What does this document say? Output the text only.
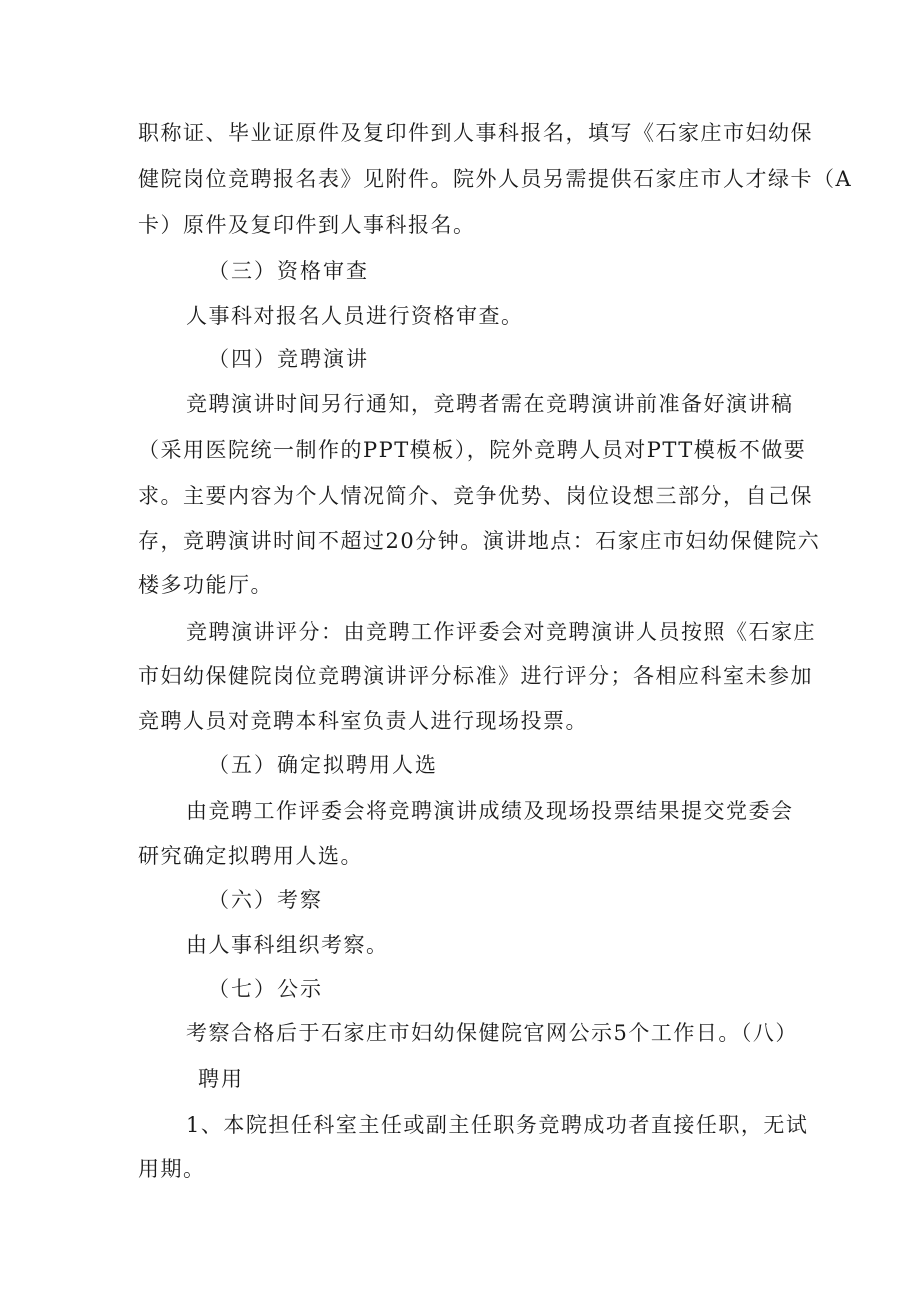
职称证、毕业证原件及复印件到人事科报名，填写《石家庄市妇幼保

健院岗位竞聘报名表》见附件。院外人员另需提供石家庄市人才绿卡（A

卡）原件及复印件到人事科报名。

（三）资格审查

人事科对报名人员进行资格审查。

（四）竞聘演讲

竞聘演讲时间另行通知，竞聘者需在竞聘演讲前准备好演讲稿

（采用医院统一制作的PPT模板），院外竞聘人员对PTT模板不做要

求。主要内容为个人情况简介、竞争优势、岗位设想三部分，自己保

存，竞聘演讲时间不超过20分钟。演讲地点：石家庄市妇幼保健院六

楼多功能厅。

竞聘演讲评分：由竞聘工作评委会对竞聘演讲人员按照《石家庄

市妇幼保健院岗位竞聘演讲评分标准》进行评分；各相应科室未参加

竞聘人员对竞聘本科室负责人进行现场投票。

（五）确定拟聘用人选

由竞聘工作评委会将竞聘演讲成绩及现场投票结果提交党委会

研究确定拟聘用人选。

（六）考察

由人事科组织考察。

（七）公示

考察合格后于石家庄市妇幼保健院官网公示5个工作日。（八）

聘用

1、本院担任科室主任或副主任职务竞聘成功者直接任职，无试

用期。
